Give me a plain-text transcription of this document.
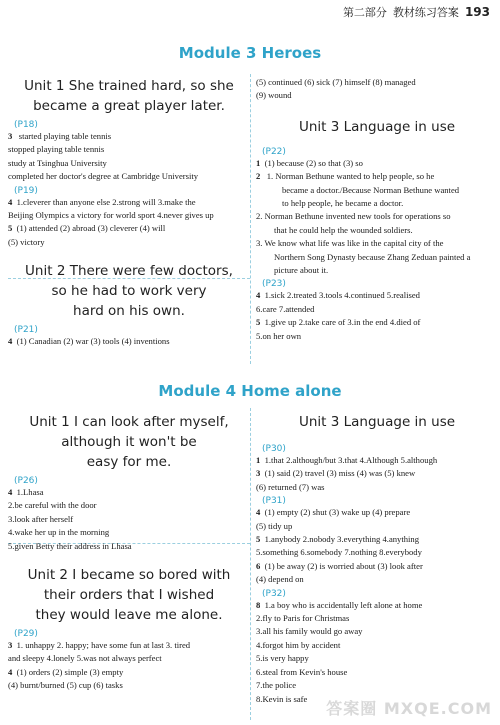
第二部分 教材练习答案 193
Module 3 Heroes
Unit 1 She trained hard, so she
became a great player later.
(P18)
3 started playing table tennis
stopped playing table tennis
study at Tsinghua University
completed her doctor's degree at Cambridge University
(P19)
4 1.cleverer than anyone else 2.strong will 3.make the
Beijing Olympics a victory for world sport 4.never gives up
5 (1) attended (2) abroad (3) cleverer (4) will
(5) victory
Unit 2 There were few doctors,
so he had to work very
hard on his own.
(P21)
4 (1) Canadian (2) war (3) tools (4) inventions
(5) continued (6) sick (7) himself (8) managed
(9) wound
Unit 3 Language in use
(P22)
1 (1) because (2) so that (3) so
2 1. Norman Bethune wanted to help people, so he
became a doctor./Because Norman Bethune wanted
to help people, he became a doctor.
2. Norman Bethune invented new tools for operations so
that he could help the wounded soldiers.
3. We know what life was like in the capital city of the
Northern Song Dynasty because Zhang Zeduan painted a
picture about it.
(P23)
4 1.sick 2.treated 3.tools 4.continued 5.realised
6.care 7.attended
5 1.give up 2.take care of 3.in the end 4.died of
5.on her own
Module 4 Home alone
Unit 1 I can look after myself,
although it won't be
easy for me.
(P26)
4 1.Lhasa
2.be careful with the door
3.look after herself
4.wake her up in the morning
5.given Betty their address in Lhasa
Unit 2 I became so bored with
their orders that I wished
they would leave me alone.
(P29)
3 1. unhappy 2. happy; have some fun at last 3. tired
and sleepy 4.lonely 5.was not always perfect
4 (1) orders (2) simple (3) empty
(4) burnt/burned (5) cup (6) tasks
Unit 3 Language in use
(P30)
1 1.that 2.although/but 3.that 4.Although 5.although
3 (1) said (2) travel (3) miss (4) was (5) knew
(6) returned (7) was
(P31)
4 (1) empty (2) shut (3) wake up (4) prepare
(5) tidy up
5 1.anybody 2.nobody 3.everything 4.anything
5.something 6.somebody 7.nothing 8.everybody
6 (1) be away (2) is worried about (3) look after
(4) depend on
(P32)
8 1.a boy who is accidentally left alone at home
2.fly to Paris for Christmas
3.all his family would go away
4.forgot him by accident
5.is very happy
6.steal from Kevin's house
7.the police
8.Kevin is safe
答案圈 MXQE.COM
